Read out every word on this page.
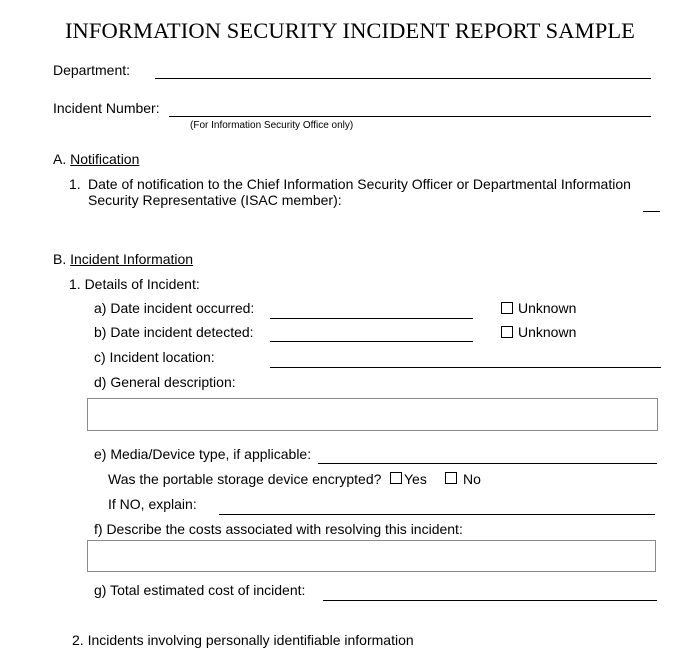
INFORMATION SECURITY INCIDENT REPORT SAMPLE
Department:
Incident Number:
(For Information Security Office only)
A. Notification
1. Date of notification to the Chief Information Security Officer or Departmental Information Security Representative (ISAC member):
B. Incident Information
1. Details of Incident:
a) Date incident occurred:	Unknown
b) Date incident detected:	Unknown
c) Incident location:
d) General description:
e) Media/Device type, if applicable:
Was the portable storage device encrypted? Yes	No
If NO, explain:
f) Describe the costs associated with resolving this incident:
g) Total estimated cost of incident:
2. Incidents involving personally identifiable information
